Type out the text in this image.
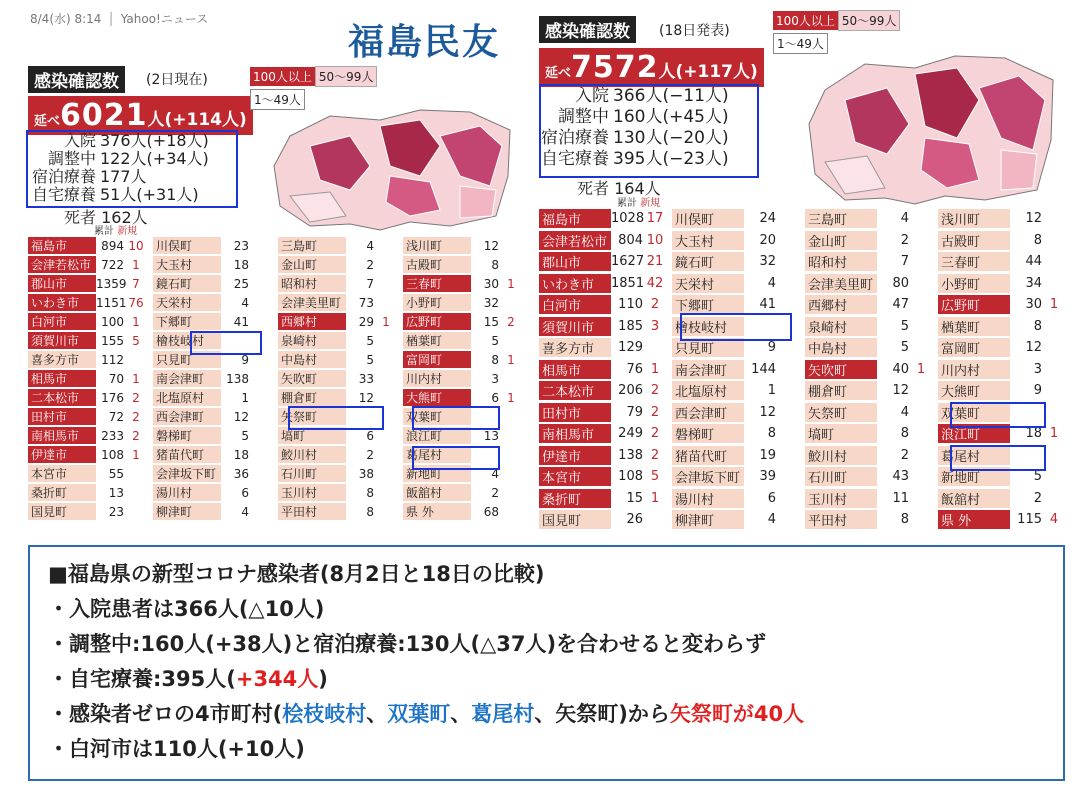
8/4(水) 8:14 │ Yahoo!ニュース
福島民友
感染確認数	(2日現在)
延べ6021人(+114人)
入院 376人(+18人)
調整中 122人(+34人)
宿泊療養 177人
自宅療養 51人(+31人)
死者 162人
累計 新規
100人以上 50〜99人
1〜49人
福島市	894 10
会津若松市 722 1
郡山市	1359 7
いわき市	1151 76
白河市	100 1
須賀川市	155 5
喜多方市	112
相馬市	70 1
二本松市	176 2
田村市	72 2
南相馬市	233 2
伊達市	108 1
本宮市	55
桑折町	13
国見町	23
川俣町	23
大玉村	18
鏡石町	25
天栄村	4
下郷町	41
檜枝岐村
只見町	9
南会津町	138
北塩原村	1
西会津町	12
磐梯町	5
猪苗代町	18
会津坂下町	36
湯川村	6
柳津町	4
三島町	4
金山町	2
昭和村	7
会津美里町	73
西郷村	29 1
泉崎村	5
中島村	5
矢吹町	33
棚倉町	12
矢祭町
塙町	6
鮫川村	2
石川町	38
玉川村	8
平田村	8
浅川町	12
古殿町	8
三春町	30 1
小野町	32
広野町	15 2
楢葉町	5
富岡町	8 1
川内村	3
大熊町	6 1
双葉町
浪江町	13
葛尾村
新地町	4
飯舘村	2
県 外	68
感染確認数	(18日発表)
延べ7572人(+117人)
入院 366人(−11人)
調整中 160人(+45人)
宿泊療養 130人(−20人)
自宅療養 395人(−23人)
死者 164人
累計 新規
100人以上 50〜99人
1〜49人
福島市	1028 17
会津若松市 804 10
郡山市	1627 21
いわき市	1851 42
白河市	110 2
須賀川市	185 3
喜多方市	129
相馬市	76 1
二本松市	206 2
田村市	79 2
南相馬市	249 2
伊達市	138 2
本宮市	108 5
桑折町	15 1
国見町	26
川俣町	24
大玉村	20
鏡石町	32
天栄村	4
下郷町	41
檜枝岐村
只見町	9
南会津町	144
北塩原村	1
西会津町	12
磐梯町	8
猪苗代町	19
会津坂下町	39
湯川村	6
柳津町	4
三島町	4
金山町	2
昭和村	7
会津美里町	80
西郷村	47
泉崎村	5
中島村	5
矢吹町	40 1
棚倉町	12
矢祭町	4
塙町	8
鮫川村	2
石川町	43
玉川村	11
平田村	8
浅川町	12
古殿町	8
三春町	44
小野町	34
広野町	30 1
楢葉町	8
富岡町	12
川内村	3
大熊町	9
双葉町
浪江町	18 1
葛尾村
新地町	5
飯舘村	2
県 外	115 4
■福島県の新型コロナ感染者(8月2日と18日の比較)
・入院患者は366人(△10人)
・調整中:160人(+38人)と宿泊療養:130人(△37人)を合わせると変わらず
・自宅療養:395人(+344人)
・感染者ゼロの4市町村(桧枝岐村、双葉町、葛尾村、矢祭町)から矢祭町が40人
・白河市は110人(+10人)
